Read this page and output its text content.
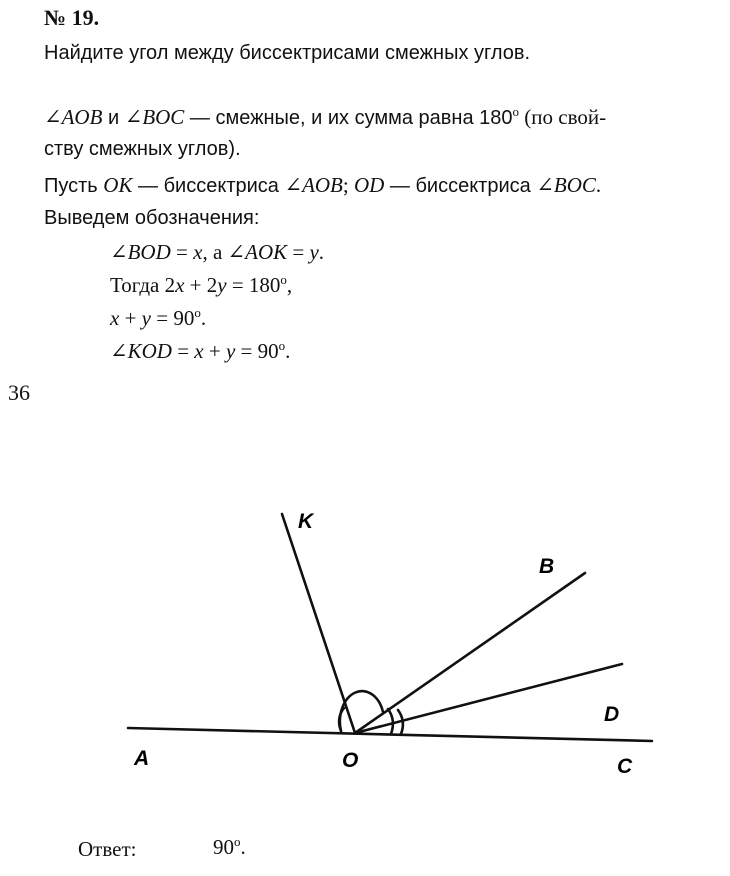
№ 19.
Найдите угол между биссектрисами смежных углов.
∠AOB и ∠BOC — смежные, и их сумма равна 180$^o$ (по свой-
ству смежных углов).
Пусть OK — биссектриса ∠AOB; OD — биссектриса ∠BOC.
Выведем обозначения:
∠BOD = x, а ∠AOK = y.
Тогда $2x + 2y = 180^o$,
$x + y = 90^o$.
∠KOD = $x + y = 90^o$.
36
K
B
D
A	O	C
Ответ:	90$^o$.
